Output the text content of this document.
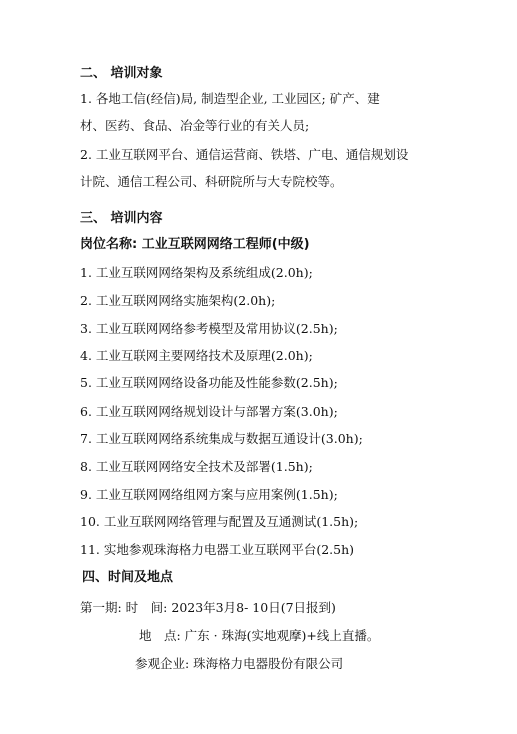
二、 培训对象
1. 各地工信(经信)局, 制造型企业, 工业园区; 矿产、建
材、医药、食品、冶金等行业的有关人员;
2. 工业互联网平台、通信运营商、铁塔、广电、通信规划设
计院、通信工程公司、科研院所与大专院校等。
三、 培训内容
岗位名称: 工业互联网网络工程师(中级)
1. 工业互联网网络架构及系统组成(2.0h);
2. 工业互联网网络实施架构(2.0h);
3. 工业互联网网络参考模型及常用协议(2.5h);
4. 工业互联网主要网络技术及原理(2.0h);
5. 工业互联网网络设备功能及性能参数(2.5h);
6. 工业互联网网络规划设计与部署方案(3.0h);
7. 工业互联网网络系统集成与数据互通设计(3.0h);
8. 工业互联网网络安全技术及部署(1.5h);
9. 工业互联网网络组网方案与应用案例(1.5h);
10. 工业互联网网络管理与配置及互通测试(1.5h);
11. 实地参观珠海格力电器工业互联网平台(2.5h)
四、时间及地点
第一期: 时　间: 2023年3月8- 10日(7日报到)
地　点: 广东 · 珠海(实地观摩)+线上直播。
参观企业: 珠海格力电器股份有限公司
